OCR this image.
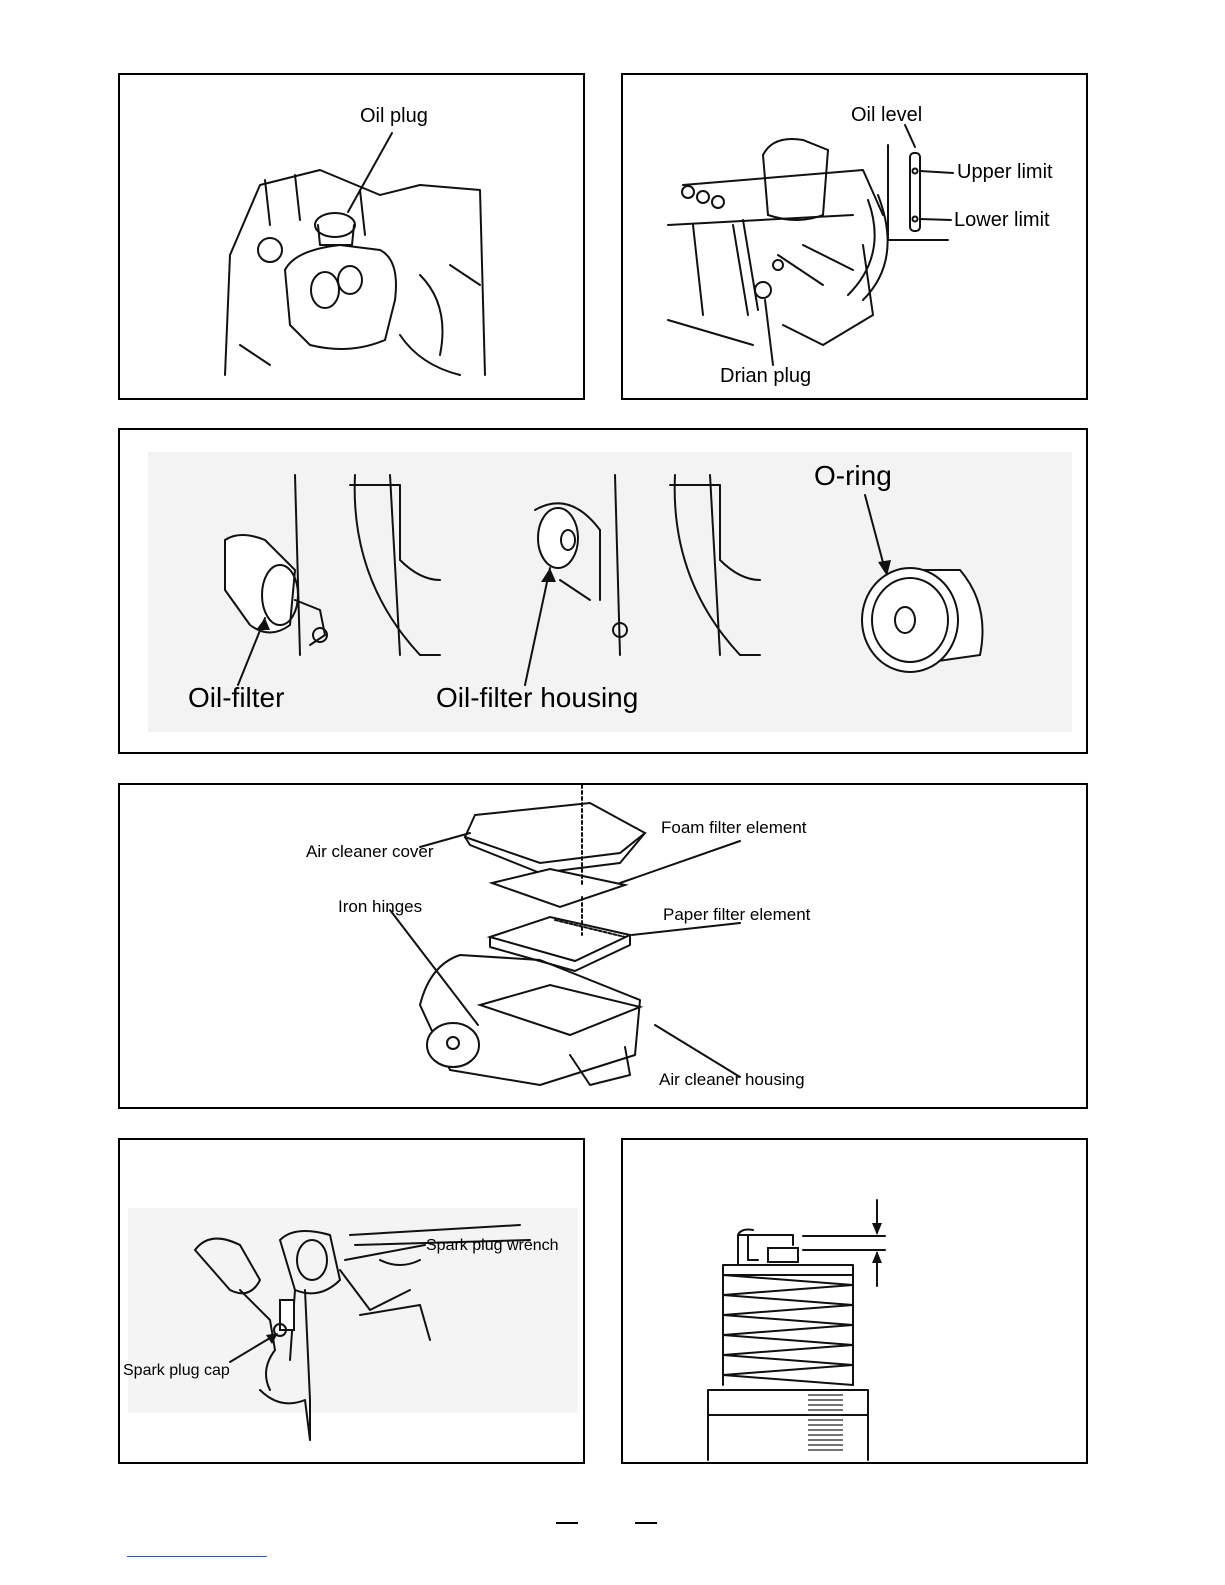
Oil plug	Oil level
Upper limit
Lower limit
Drian plug
Oil-filter	Oil-filter housing
O-ring
Air cleaner cover
Foam filter element
Iron hinges	Paper filter element
Air cleaner housing
Spark plug wrench
Spark plug cap
